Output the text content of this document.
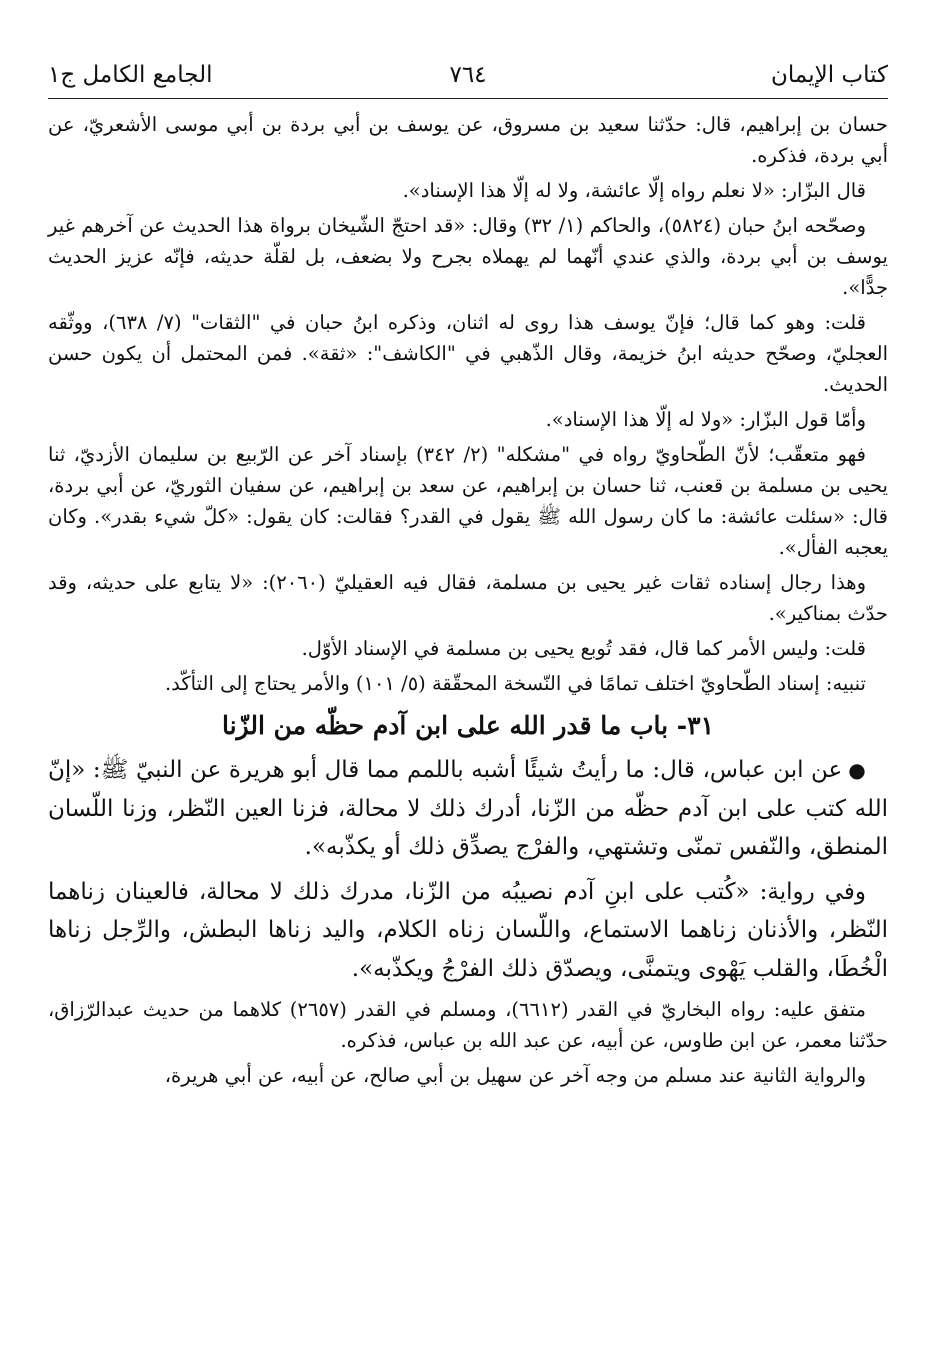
كتاب الإيمان
٧٦٤
الجامع الكامل ج١

حسان بن إبراهيم، قال: حدّثنا سعيد بن مسروق، عن يوسف بن أبي بردة بن أبي موسى الأشعريّ، عن أبي بردة، فذكره.

قال البزّار: «لا نعلم رواه إلّا عائشة، ولا له إلّا هذا الإسناد».

وصحّحه ابنُ حبان (٥٨٢٤)، والحاكم (١/ ٣٢) وقال: «قد احتجّ الشّيخان برواة هذا الحديث عن آخرهم غير يوسف بن أبي بردة، والذي عندي أنّهما لم يهملاه بجرح ولا بضعف، بل لقلّة حديثه، فإنّه عزيز الحديث جدًّا».

قلت: وهو كما قال؛ فإنّ يوسف هذا روى له اثنان، وذكره ابنُ حبان في "الثقات" (٧/ ٦٣٨)، ووثّقه العجليّ، وصحّح حديثه ابنُ خزيمة، وقال الذّهبي في "الكاشف": «ثقة». فمن المحتمل أن يكون حسن الحديث.

وأمّا قول البزّار: «ولا له إلّا هذا الإسناد».

فهو متعقّب؛ لأنّ الطّحاويّ رواه في "مشكله" (٢/ ٣٤٢) بإسناد آخر عن الرّبيع بن سليمان الأزديّ، ثنا يحيى بن مسلمة بن قعنب، ثنا حسان بن إبراهيم، عن سعد بن إبراهيم، عن سفيان الثوريّ، عن أبي بردة، قال: «سئلت عائشة: ما كان رسول الله ﷺ يقول في القدر؟ فقالت: كان يقول: «كلّ شيء بقدر». وكان يعجبه الفأل».

وهذا رجال إسناده ثقات غير يحيى بن مسلمة، فقال فيه العقيليّ (٢٠٦٠): «لا يتابع على حديثه، وقد حدّث بمناكير».

قلت: وليس الأمر كما قال، فقد تُوبع يحيى بن مسلمة في الإسناد الأوّل.

تنبيه: إسناد الطّحاويّ اختلف تمامًا في النّسخة المحقّقة (٥/ ١٠١) والأمر يحتاج إلى التأكّد.

٣١- باب ما قدر الله على ابن آدم حظّه من الزّنا

●عن ابن عباس، قال: ما رأيتُ شيئًا أشبه باللمم مما قال أبو هريرة عن النبيّ ﷺ: «إنّ الله كتب على ابن آدم حظّه من الزّنا، أدرك ذلك لا محالة، فزنا العين النّظر، وزنا اللّسان المنطق، والنّفس تمنّى وتشتهي، والفرْج يصدِّق ذلك أو يكذّبه».

وفي رواية: «كُتب على ابنِ آدم نصيبُه من الزّنا، مدرك ذلك لا محالة، فالعينان زناهما النّظر، والأذنان زناهما الاستماع، واللّسان زناه الكلام، واليد زناها البطش، والرِّجل زناها الْخُطَا، والقلب يَهْوى ويتمنَّى، ويصدّق ذلك الفرْجُ ويكذّبه».

متفق عليه: رواه البخاريّ في القدر (٦٦١٢)، ومسلم في القدر (٢٦٥٧) كلاهما من حديث عبدالرّزاق، حدّثنا معمر، عن ابن طاوس، عن أبيه، عن عبد الله بن عباس، فذكره.

والرواية الثانية عند مسلم من وجه آخر عن سهيل بن أبي صالح، عن أبيه، عن أبي هريرة،
